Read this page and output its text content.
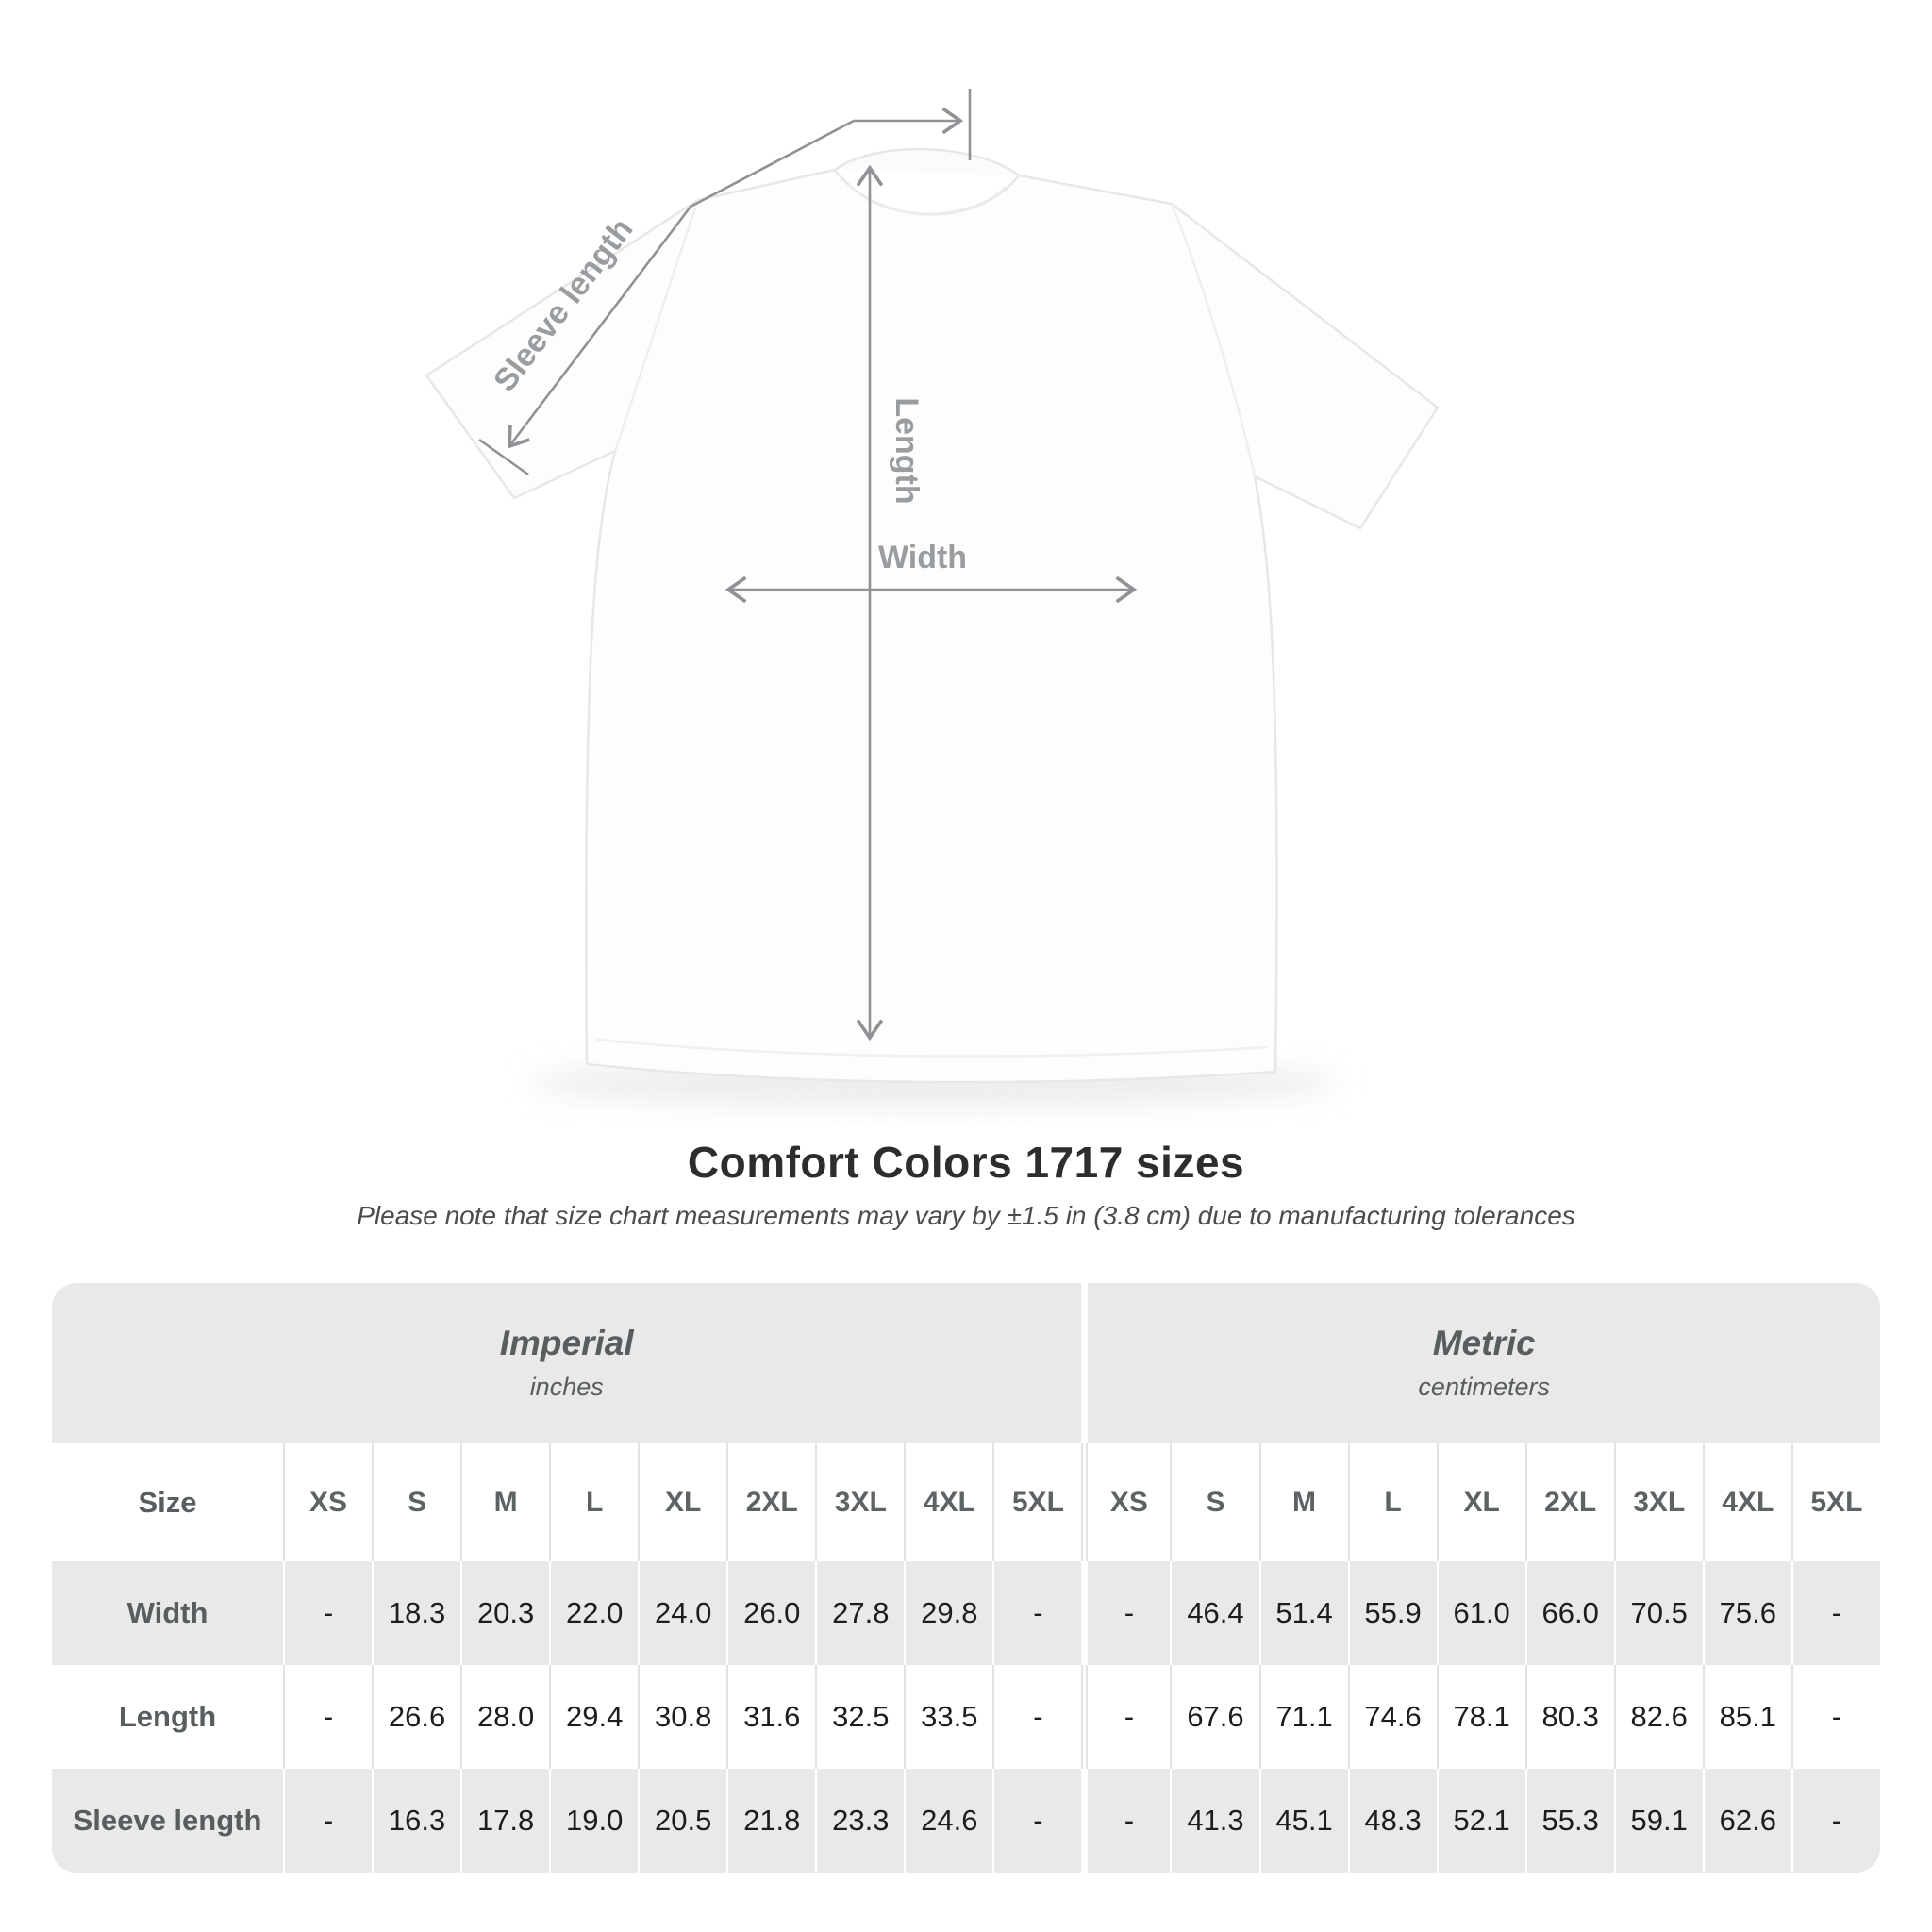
Sleeve length
Length
Width
Comfort Colors 1717 sizes

Please note that size chart measurements may vary by ±1.5 in (3.8 cm) due to manufacturing tolerances

Imperial
inches

Metric
centimeters

Size	XS	S	M	L	XL	2XL	3XL	4XL	5XL	XS	S	M	L	XL	2XL	3XL	4XL	5XL
Width	-	18.3	20.3	22.0	24.0	26.0	27.8	29.8	-	-	46.4	51.4	55.9	61.0	66.0	70.5	75.6	-
Length	-	26.6	28.0	29.4	30.8	31.6	32.5	33.5	-	-	67.6	71.1	74.6	78.1	80.3	82.6	85.1	-
Sleeve length	-	16.3	17.8	19.0	20.5	21.8	23.3	24.6	-	-	41.3	45.1	48.3	52.1	55.3	59.1	62.6	-
